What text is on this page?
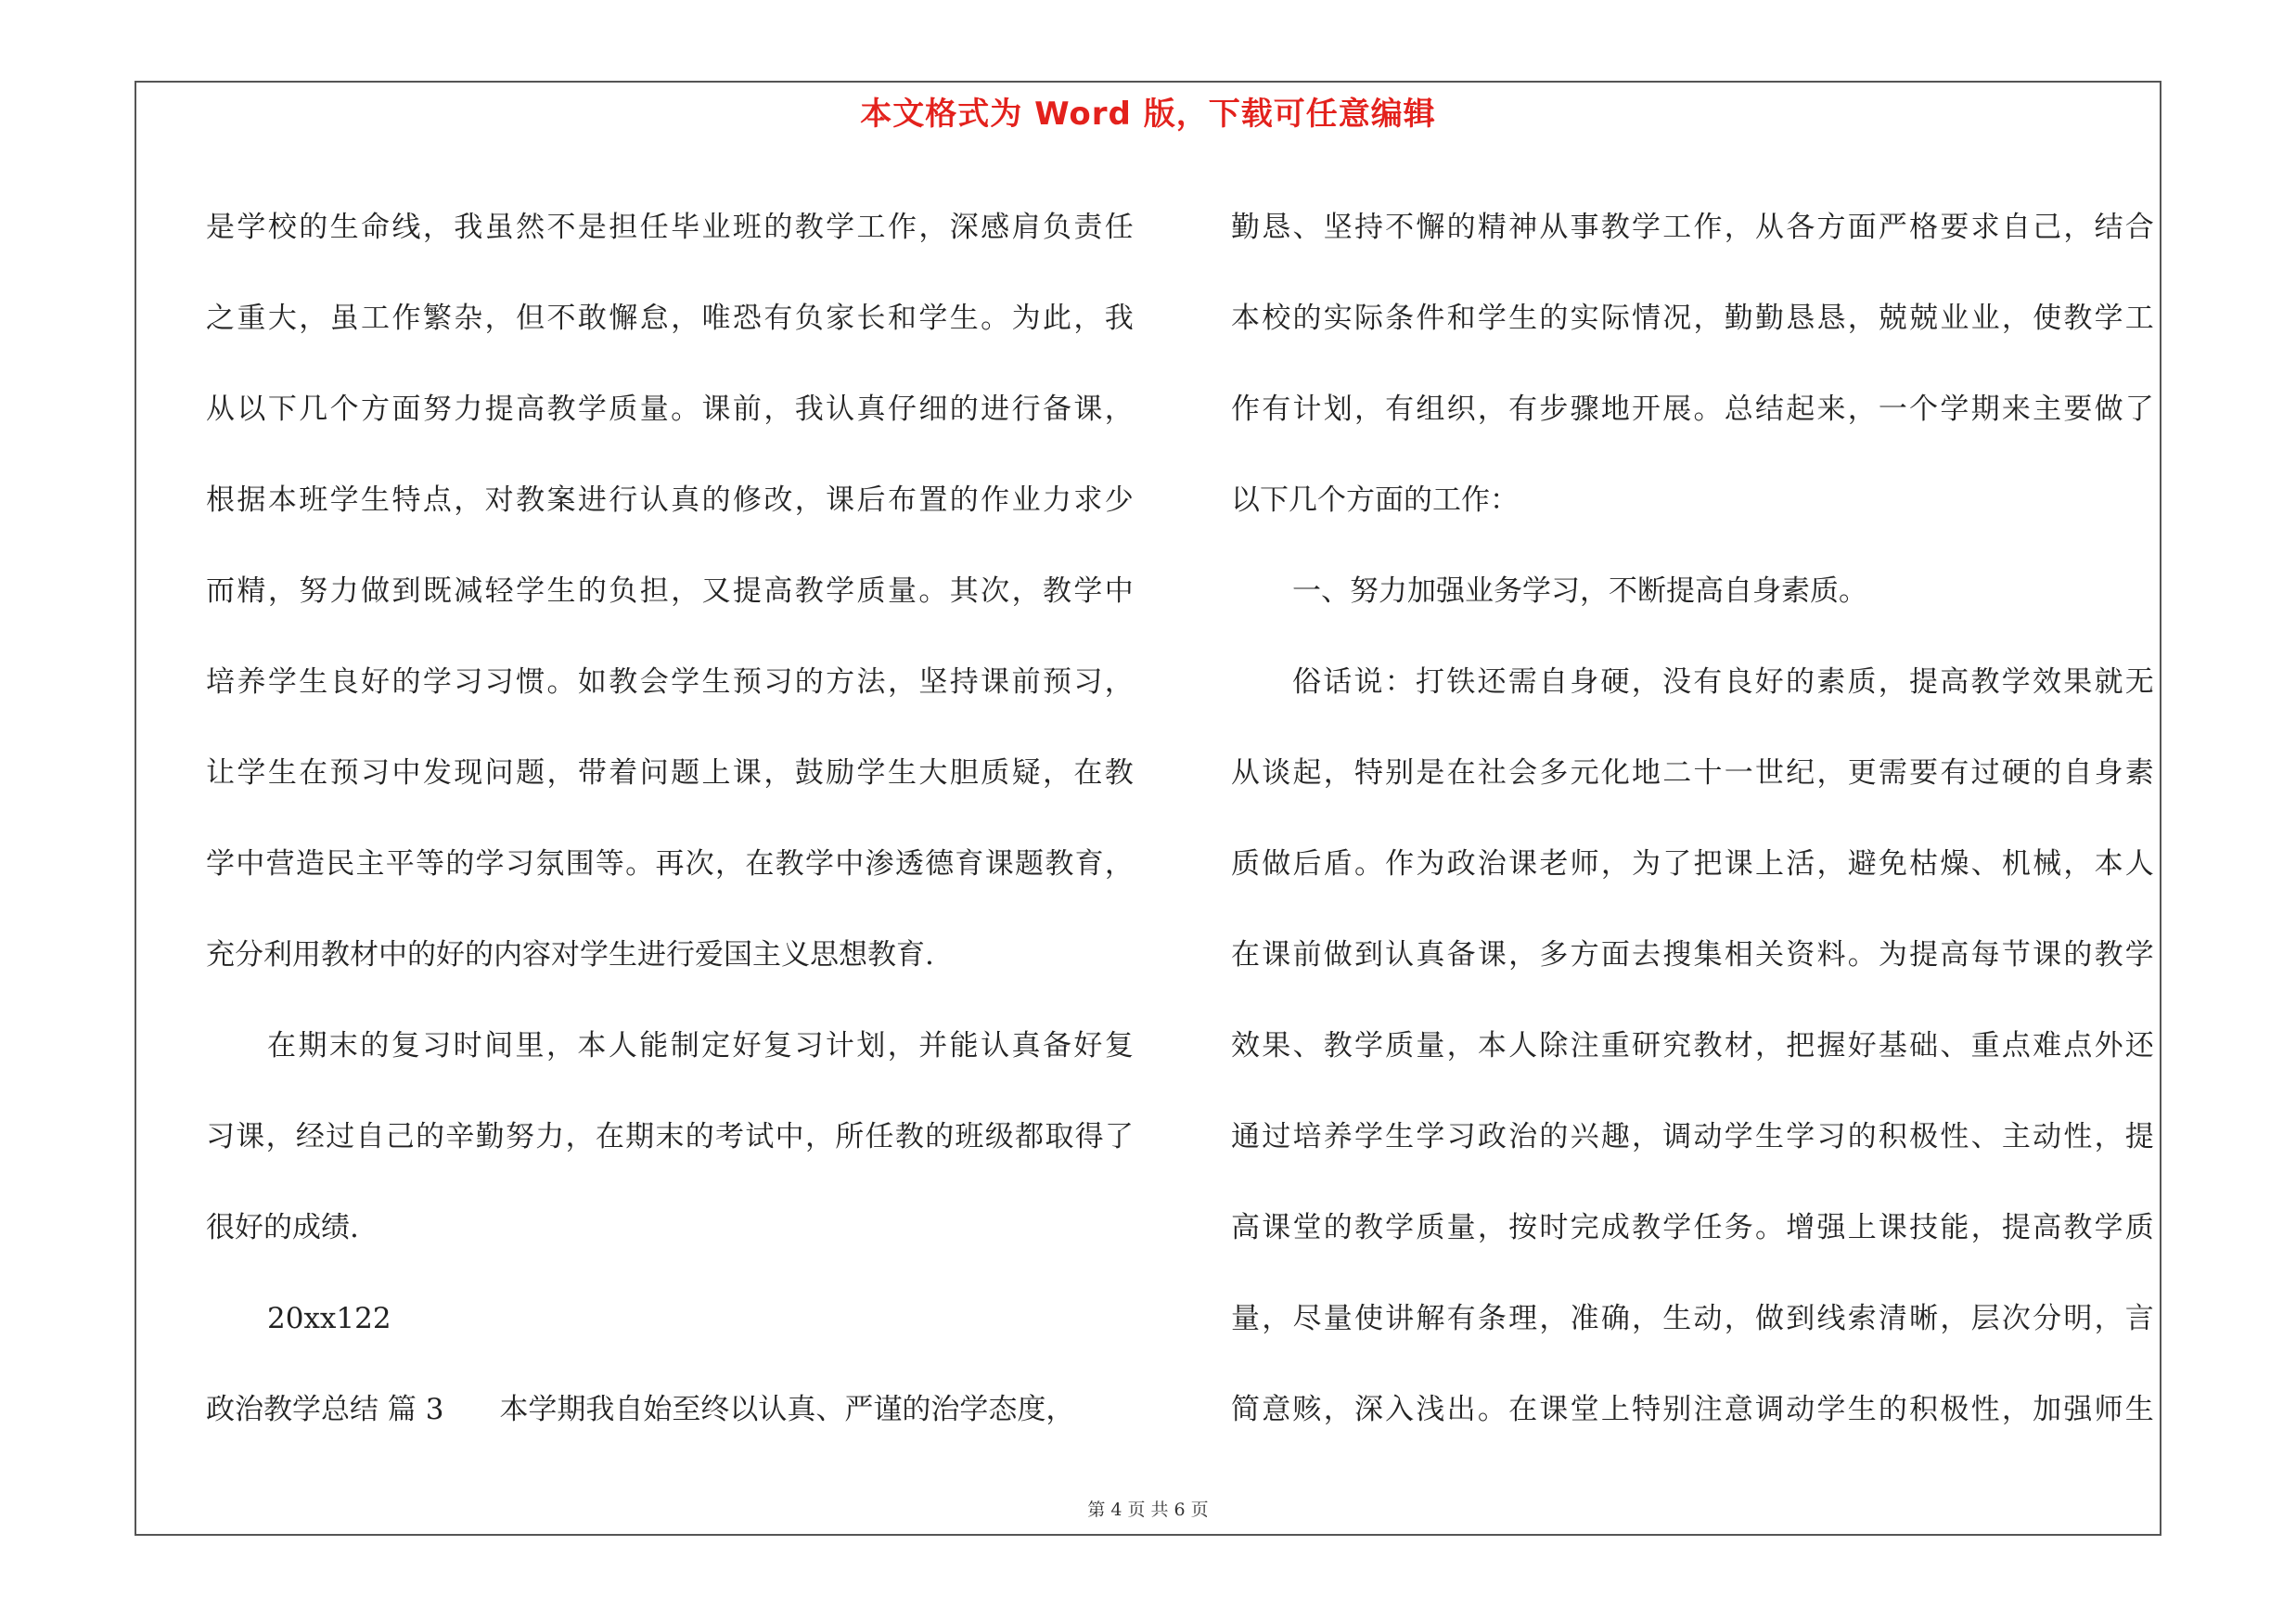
本文格式为 Word 版，下载可任意编辑
是 学 校 的 生 命 线 ， 我 虽 然 不 是 担 任 毕 业 班 的 教 学 工 作 ， 深 感 肩 负 责 任
之 重 大 ， 虽 工 作 繁 杂 ， 但 不 敢 懈 怠 ， 唯 恐 有 负 家 长 和 学 生 。 为 此 ， 我
从 以 下 几 个 方 面 努 力 提 高 教 学 质 量 。 课 前 ， 我 认 真 仔 细 的 进 行 备 课 ，
根 据 本 班 学 生 特 点 ， 对 教 案 进 行 认 真 的 修 改 ， 课 后 布 置 的 作 业 力 求 少
而 精 ， 努 力 做 到 既 减 轻 学 生 的 负 担 ， 又 提 高 教 学 质 量 。 其 次 ， 教 学 中
培 养 学 生 良 好 的 学 习 习 惯 。 如 教 会 学 生 预 习 的 方 法 ， 坚 持 课 前 预 习 ，
让 学 生 在 预 习 中 发 现 问 题 ， 带 着 问 题 上 课 ， 鼓 励 学 生 大 胆 质 疑 ， 在 教
学 中 营 造 民 主 平 等 的 学 习 氛 围 等 。 再 次 ， 在 教 学 中 渗 透 德 育 课 题 教 育 ，
充分利用教材中的好的内容对学生进行爱国主义思想教育.
在 期 末 的 复 习 时 间 里 ， 本 人 能 制 定 好 复 习 计 划 ， 并 能 认 真 备 好 复
习 课 ， 经 过 自 己 的 辛 勤 努 力 ， 在 期 末 的 考 试 中 ， 所 任 教 的 班 级 都 取 得 了
很好的成绩.
20xx122
政治教学总结 篇 3 本学期我自始至终以认真、严谨的治学态度，
勤 恳 、 坚 持 不 懈 的 精 神 从 事 教 学 工 作 ， 从 各 方 面 严 格 要 求 自 己 ， 结 合
本 校 的 实 际 条 件 和 学 生 的 实 际 情 况 ， 勤 勤 恳 恳 ， 兢 兢 业 业 ， 使 教 学 工
作 有 计 划 ， 有 组 织 ， 有 步 骤 地 开 展 。 总 结 起 来 ， 一 个 学 期 来 主 要 做 了
以下几个方面的工作：
一、努力加强业务学习，不断提高自身素质。
俗 话 说 ： 打 铁 还 需 自 身 硬 ， 没 有 良 好 的 素 质 ， 提 高 教 学 效 果 就 无
从 谈 起 ， 特 别 是 在 社 会 多 元 化 地 二 十 一 世 纪 ， 更 需 要 有 过 硬 的 自 身 素
质 做 后 盾 。 作 为 政 治 课 老 师 ， 为 了 把 课 上 活 ， 避 免 枯 燥 、 机 械 ， 本 人
在 课 前 做 到 认 真 备 课 ， 多 方 面 去 搜 集 相 关 资 料 。 为 提 高 每 节 课 的 教 学
效 果 、 教 学 质 量 ， 本 人 除 注 重 研 究 教 材 ， 把 握 好 基 础 、 重 点 难 点 外 还
通 过 培 养 学 生 学 习 政 治 的 兴 趣 ， 调 动 学 生 学 习 的 积 极 性 、 主 动 性 ， 提
高 课 堂 的 教 学 质 量 ， 按 时 完 成 教 学 任 务 。 增 强 上 课 技 能 ， 提 高 教 学 质
量 ， 尽 量 使 讲 解 有 条 理 ， 准 确 ， 生 动 ， 做 到 线 索 清 晰 ， 层 次 分 明 ， 言
简 意 赅 ， 深 入 浅 出 。 在 课 堂 上 特 别 注 意 调 动 学 生 的 积 极 性 ， 加 强 师 生
第 4 页 共 6 页
